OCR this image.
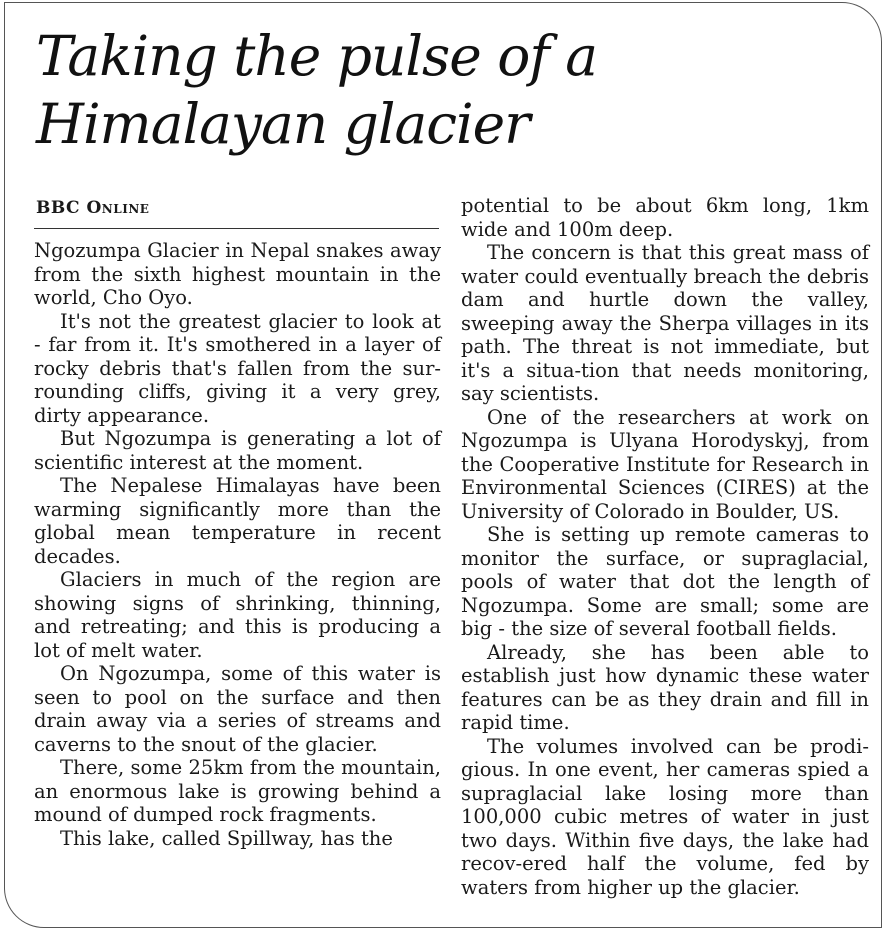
Taking the pulse of a
Himalayan glacier
BBC Online

Ngozumpa Glacier in Nepal snakes away from the sixth highest mountain in the world, Cho Oyo.

It's not the greatest glacier to look at - far from it. It's smothered in a layer of rocky debris that's fallen from the sur-rounding cliffs, giving it a very grey, dirty appearance.

But Ngozumpa is generating a lot of scientific interest at the moment.

The Nepalese Himalayas have been warming significantly more than the global mean temperature in recent decades.

Glaciers in much of the region are showing signs of shrinking, thinning, and retreating; and this is producing a lot of melt water.

On Ngozumpa, some of this water is seen to pool on the surface and then drain away via a series of streams and caverns to the snout of the glacier.

There, some 25km from the mountain, an enormous lake is growing behind a mound of dumped rock fragments.

This lake, called Spillway, has the

potential to be about 6km long, 1km wide and 100m deep.

The concern is that this great mass of water could eventually breach the debris dam and hurtle down the valley, sweeping away the Sherpa villages in its path. The threat is not immediate, but it's a situa-tion that needs monitoring, say scientists.

One of the researchers at work on Ngozumpa is Ulyana Horodyskyj, from the Cooperative Institute for Research in Environmental Sciences (CIRES) at the University of Colorado in Boulder, US.

She is setting up remote cameras to monitor the surface, or supraglacial, pools of water that dot the length of Ngozumpa. Some are small; some are big - the size of several football fields.

Already, she has been able to establish just how dynamic these water features can be as they drain and fill in rapid time.

The volumes involved can be prodi-gious. In one event, her cameras spied a supraglacial lake losing more than 100,000 cubic metres of water in just two days. Within five days, the lake had recov-ered half the volume, fed by waters from higher up the glacier.
